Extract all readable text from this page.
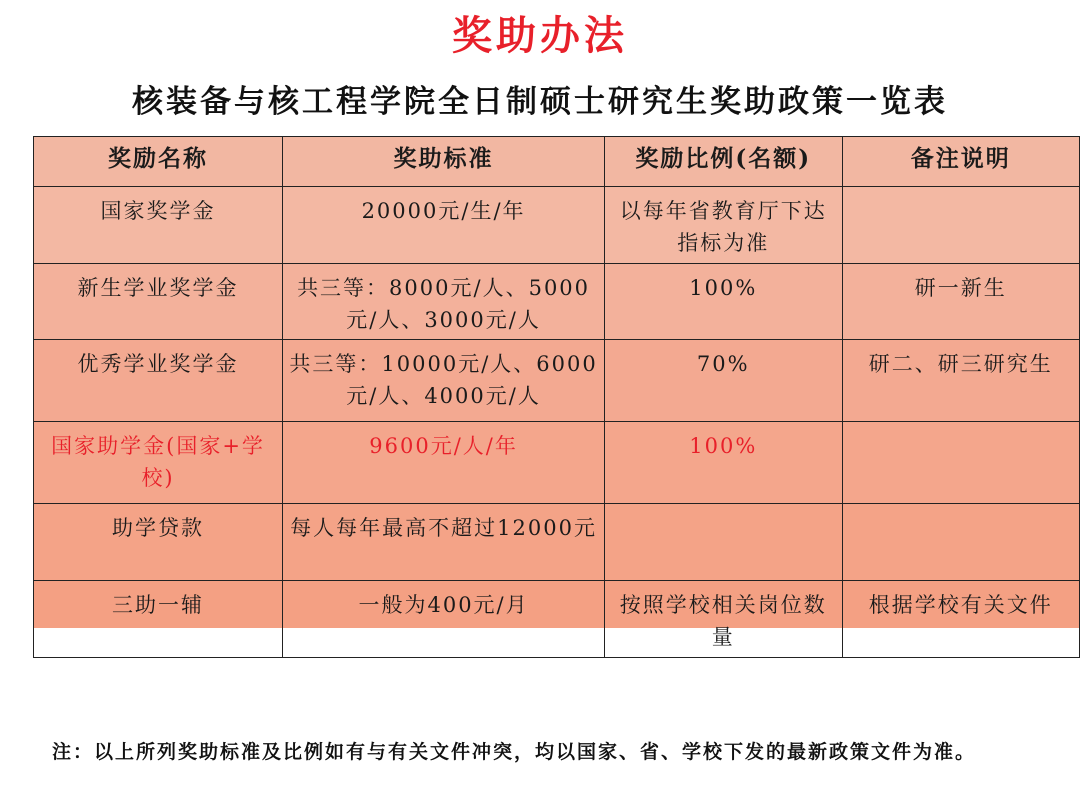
奖助办法
核装备与核工程学院全日制硕士研究生奖助政策一览表
奖励名称	奖助标准	奖励比例(名额)	备注说明
国家奖学金	20000元/生/年	以每年省教育厅下达指标为准	
新生学业奖学金	共三等：8000元/人、5000元/人、3000元/人	100%	研一新生
优秀学业奖学金	共三等：10000元/人、6000元/人、4000元/人	70%	研二、研三研究生
国家助学金(国家+学校)	9600元/人/年	100%	
助学贷款	每人每年最高不超过12000元		
三助一辅	一般为400元/月	按照学校相关岗位数量	根据学校有关文件
注：以上所列奖助标准及比例如有与有关文件冲突，均以国家、省、学校下发的最新政策文件为准。
